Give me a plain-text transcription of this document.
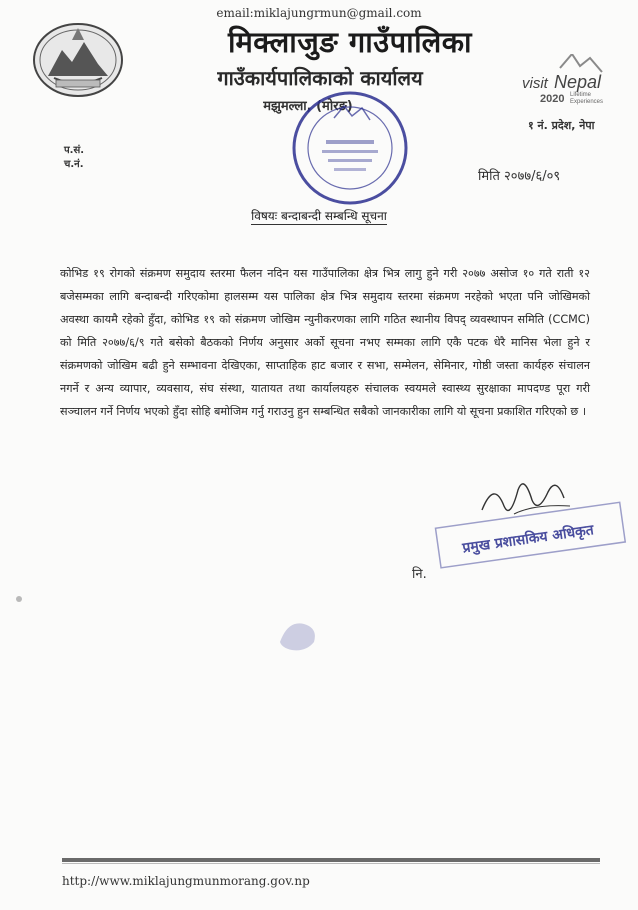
email:miklajungrmun@gmail.com
मिक्लाजुङ गाउँपालिका
गाउँकार्यपालिकाको कार्यालय
मझुमल्ला, (मोरङ)
visit Nepal
2020 Lifetime
Experiences
१ नं. प्रदेश, नेपा
प.सं.
च.नं.
मिति २०७७/६/०९
विषयः बन्दाबन्दी सम्बन्धि सूचना
कोभिड १९ रोगको संक्रमण समुदाय स्तरमा फैलन नदिन यस गाउँपालिका क्षेत्र भित्र लागु हुने गरी २०७७ असोज १० गते राती १२ बजेसम्मका लागि बन्दाबन्दी गरिएकोमा हालसम्म यस पालिका क्षेत्र भित्र समुदाय स्तरमा संक्रमण नरहेको भएता पनि जोखिमको अवस्था कायमै रहेको हुँदा, कोभिड १९ को संक्रमण जोखिम न्युनीकरणका लागि गठित स्थानीय विपद् व्यवस्थापन समिति (CCMC) को मिति २०७७/६/९ गते बसेको बैठकको निर्णय अनुसार अर्को सूचना नभए सम्मका लागि एकै पटक धेरै मानिस भेला हुने र संक्रमणको जोखिम बढी हुने सम्भावना देखिएका, साप्ताहिक हाट बजार र सभा, सम्मेलन, सेमिनार, गोष्ठी जस्ता कार्यहरु संचालन नगर्ने र अन्य व्यापार, व्यवसाय, संघ संस्था, यातायत तथा कार्यालयहरु संचालक स्वयमले स्वास्थ्य सुरक्षाका मापदण्ड पूरा गरी सञ्चालन गर्ने निर्णय भएको हुँदा सोहि बमोजिम गर्नु गराउनु हुन सम्बन्धित सबैको जानकारीका लागि यो सूचना प्रकाशित गरिएको छ ।
प्रमुख प्रशासकिय अधिकृत
नि.
http://www.miklajungmunmorang.gov.np
